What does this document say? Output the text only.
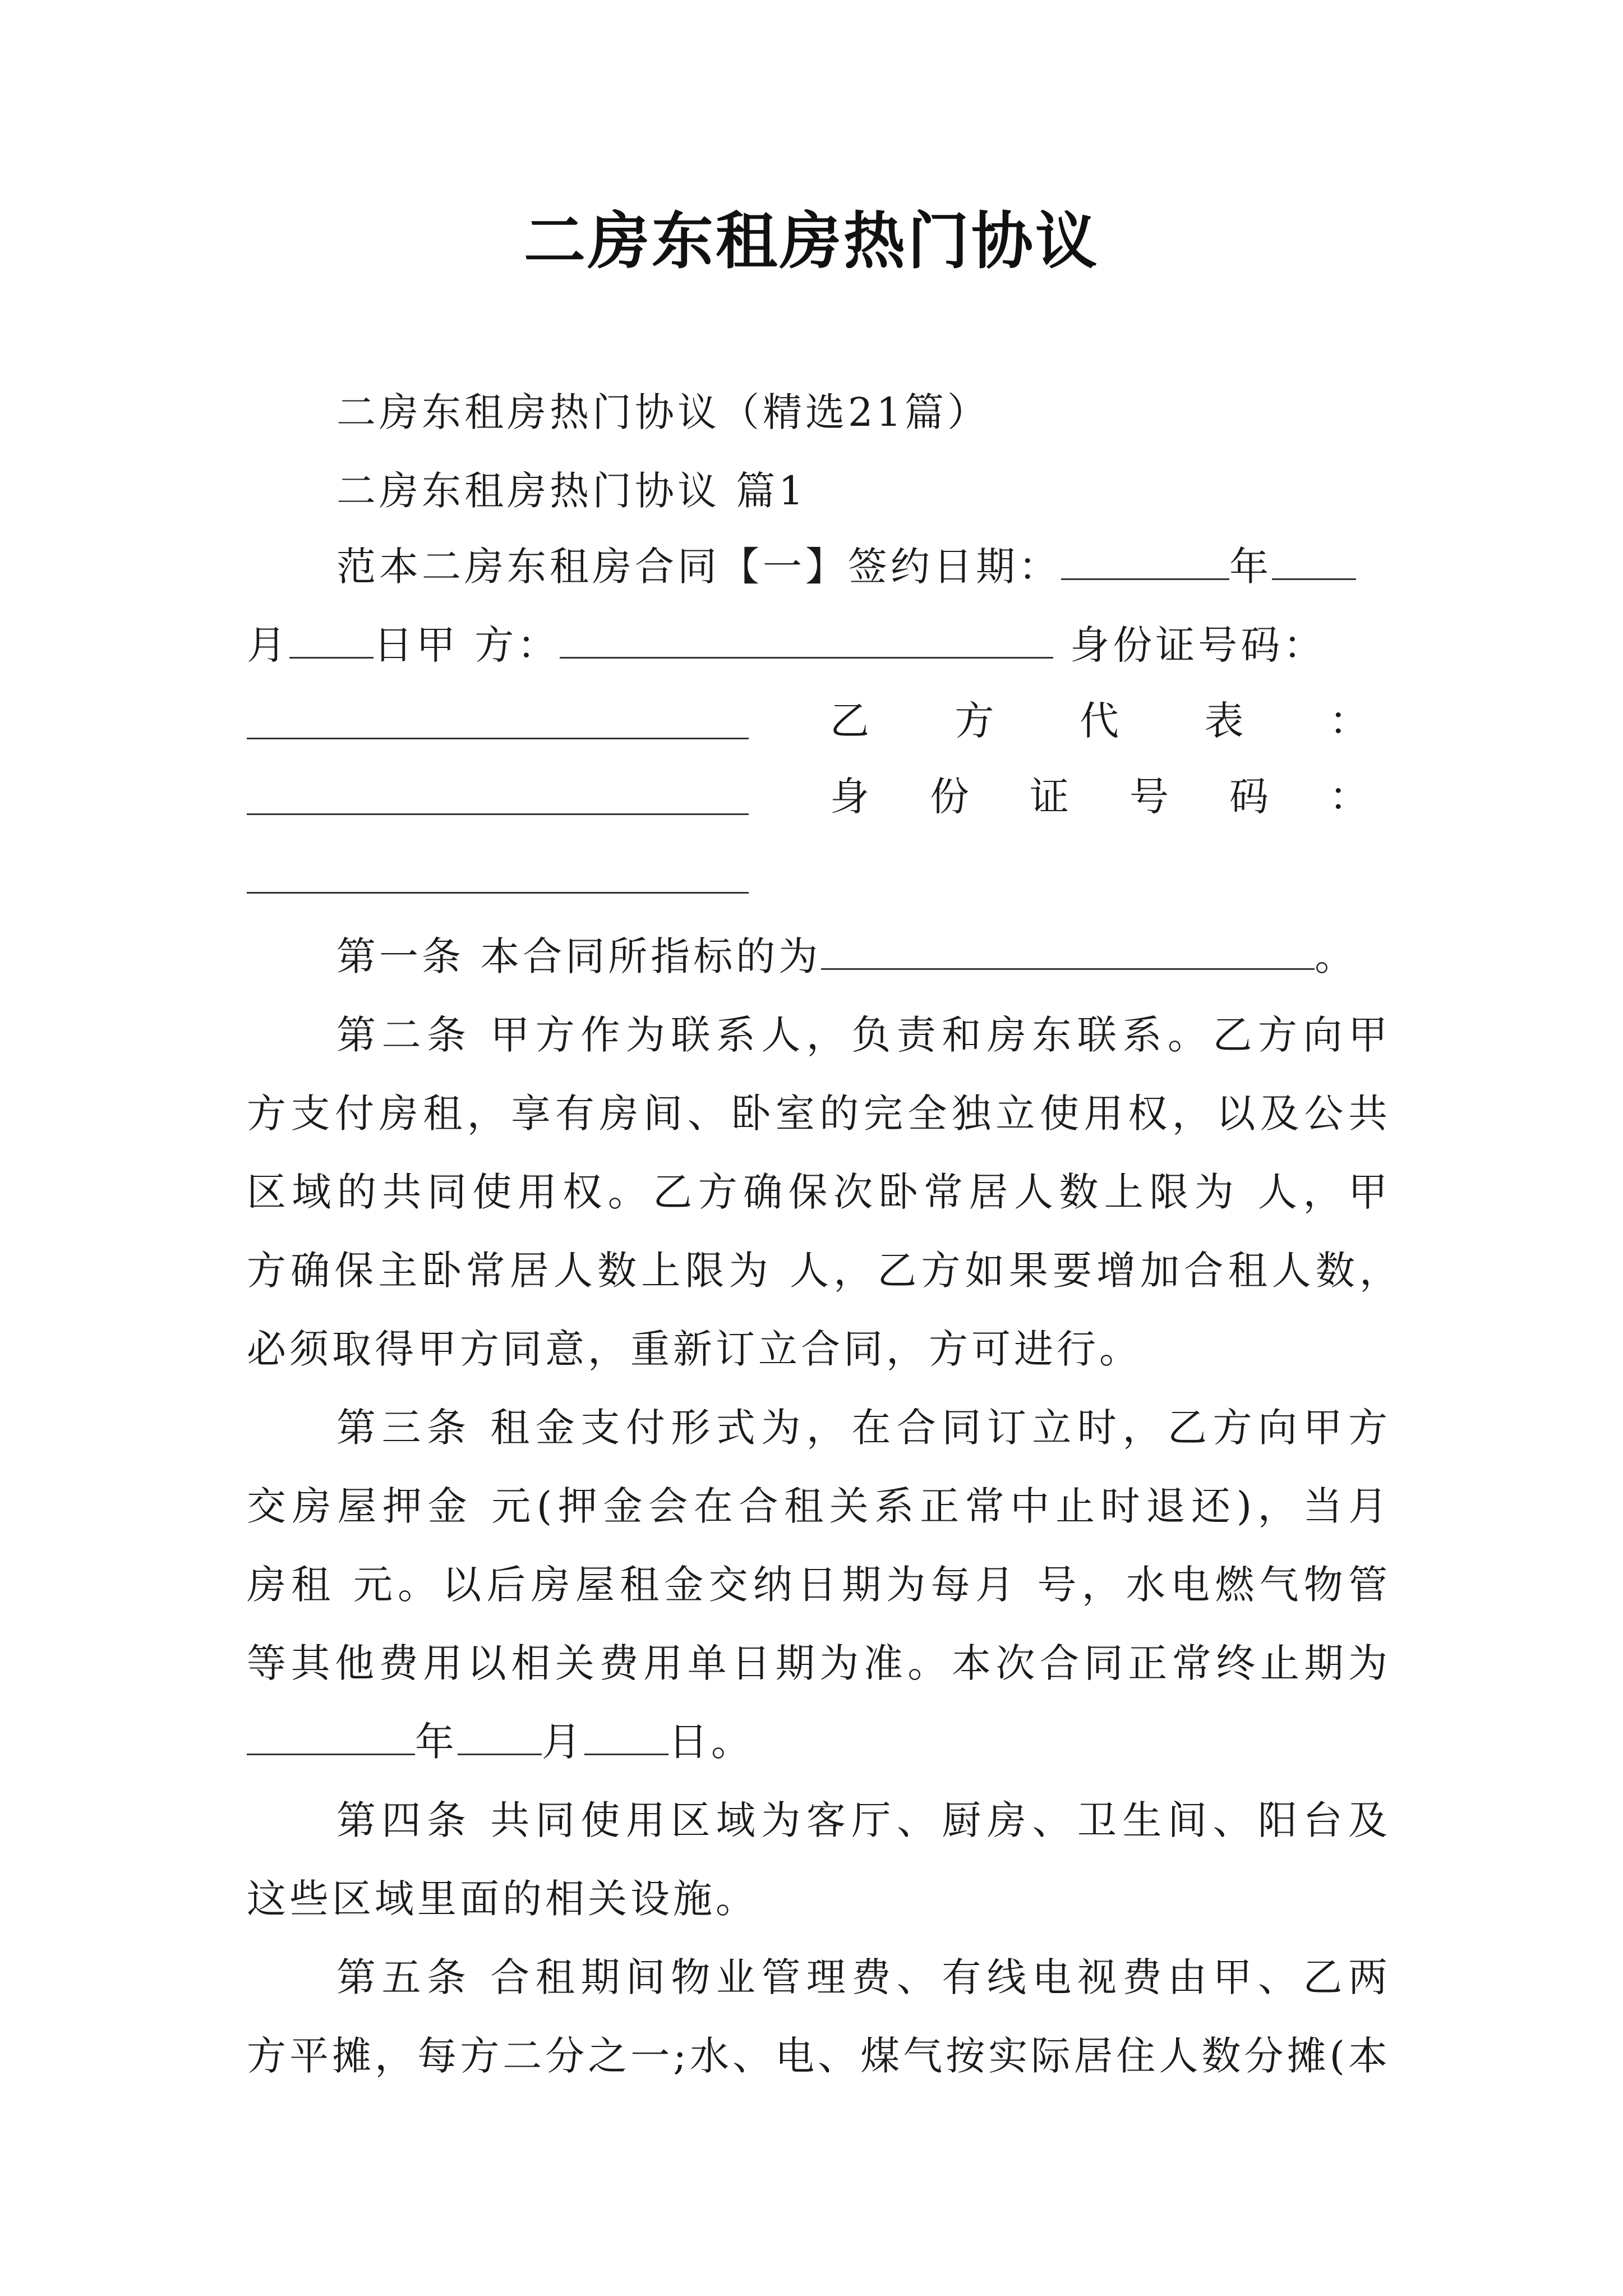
二房东租房热门协议
二房东租房热门协议（精选21篇）
二房东租房热门协议 篇1
范本二房东租房合同【一】签约日期：	年
月 日甲 方：	身份证号码：
乙 方 代 表 ：
身 份 证 号 码 ：
第一条 本合同所指标的为	。
第二条 甲方作为联系人，负责和房东联系。乙方向甲
方支付房租，享有房间、卧室的完全独立使用权，以及公共
区域的共同使用权。乙方确保次卧常居人数上限为 人，甲
方确保主卧常居人数上限为 人，乙方如果要增加合租人数，
必须取得甲方同意，重新订立合同，方可进行。
第三条 租金支付形式为，在合同订立时，乙方向甲方
交房屋押金 元(押金会在合租关系正常中止时退还)，当月
房租 元。以后房屋租金交纳日期为每月 号，水电燃气物管
等其他费用以相关费用单日期为准。本次合同正常终止期为
年 月 日。
第四条 共同使用区域为客厅、厨房、卫生间、阳台及
这些区域里面的相关设施。
第五条 合租期间物业管理费、有线电视费由甲、乙两
方平摊，每方二分之一;水、电、煤气按实际居住人数分摊(本
